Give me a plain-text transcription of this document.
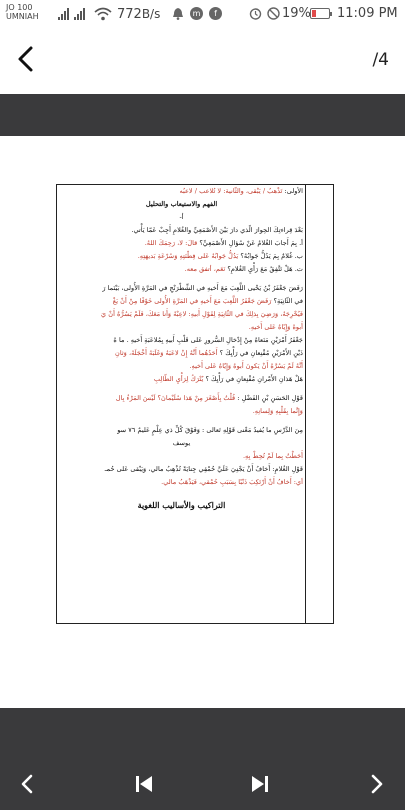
JO 100
UMNIAH	772B/s	m	f	19% 11:09 PM
/4
الأولى: تَذْهبُ / يَبْقى، والثّانية: لا تُلاعب / لاعبُه
الفهم والاستيعاب والتحليل
أ-
بَعْدَ قِراءتِكَ الحِوارَ الّذي دارَ بَيْنَ الأَصْمَعِيِّ والغُلامِ أَجِبْ عَمّا يَأْتي.
أ. بِمَ أَجابَ الغُلامُ عَنْ سُؤالِ الأَصْمَعِيِّ؟ قالَ: لا، رَحِمَكَ اللهُ.
ب. غُلامٌ بِمَ يَدُلُّ جَوابُهُ؟ يَدُلُّ جَوابُهُ عَلى فِطْنَتِهِ وَسُرْعَةِ بَديهَتِهِ.
ت. هَلْ تَتَّفِقُ مَعَ رَأْيِ الغُلامِ؟ نَعَم، أتفق معه.
رَفَضَ جَعْفَرُ بْنُ يَحْيى اللَّعِبَ مَعَ أَخيهِ في الشِّطْرَنْجِ في المَرَّةِ الأُولى، بَيْنَما رَ
في الثّانِيَةِ؟ رَفَضَ جَعْفَرُ اللَّعِبَ مَعَ أَخيهِ في المَرَّةِ الأُولى خَوْفًا مِنْ أَنْ يَغْ
فَيُحْرِجَهُ، وَرَضِيَ بِذلِكَ في الثّانِيَةِ لِقَوْلِ أَبيهِ: لاعِبْهُ وَأَنا مَعَكَ، فَلَمْ يَسُرُّهُ أَنْ يَ
أَبوهُ وَإِيّاهُ عَلى أَخيهِ.
جَعْفَرُ أَمْرَيْنِ مَنَعاهُ مِنْ إِدْخالِ السُّرورِ عَلى قَلْبِ أَبيهِ بِمُلاعَبَةِ أَخيهِ . ما هُ
ذَيْنِ الأَمْرَيْنِ مُقْنِعانِ في رَأْيِكَ ؟ أَحَدُهُما أَنَّهُ إِنْ لاعَبَهُ وَغَلَبَهُ أَخْجَلَهُ، وَثانِ
أَنَّهُ لَمْ يَسُرَّهُ أَنْ يَكونَ أَبوهُ وَإِيّاهُ عَلى أَخيهِ.
هَلْ هَذانِ الأَمْرانِ مُقْنِعانِ في رَأْيِكَ ؟ يُتْرَكُ لِرَأْيِ الطّالِبِ
قَوْلِ الحَسَنِ بْنِ الفَضْلِ : قُلْتُ بِأَصْغَرَ مِنْ هَذا سُلَيْمانَ؟ لَيْسَ المَرْءُ بِال
وَإِنَّما بِقَلْبِهِ وَلِسانِهِ.
مِنَ الدَّرْسِ ما يُفيدُ مَعْنى قَوْلِهِ تَعالى : وَفَوْقَ كُلِّ ذي عِلْمٍ عَليمٌ ٧٦ سو
يوسف
أَحَطْتُ بِما لَمْ تُحِطْ بِهِ.
قَوْلِ الغُلامِ: أَخافُ أَنْ يَجْنِيَ عَلَيَّ حُمْقِي جِنايَةً تُذْهِبُ مالي، وَيَبْقى عَلى حُمـ
أي: أَخافُ أَنْ أَرْتَكِبَ ذَنْبًا بِسَبَبِ حُمْقي، فَيَذْهَبُ مالي.
التراكيب والأساليب اللغوية
